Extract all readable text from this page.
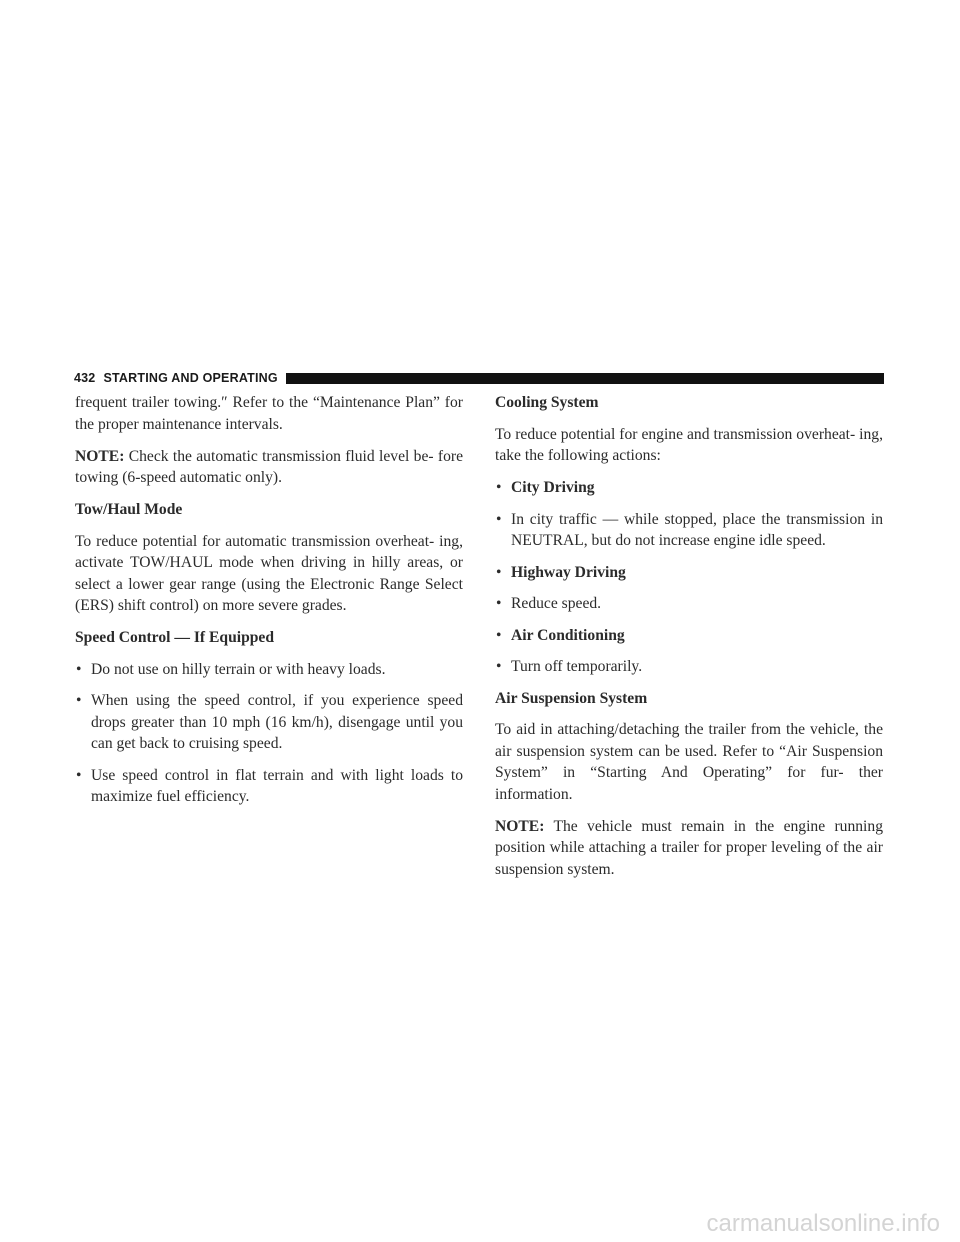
432 STARTING AND OPERATING

frequent trailer towing.″ Refer to the “Maintenance Plan” for the proper maintenance intervals.

NOTE: Check the automatic transmission fluid level be- fore towing (6-speed automatic only).

Tow/Haul Mode

To reduce potential for automatic transmission overheat- ing, activate TOW/HAUL mode when driving in hilly areas, or select a lower gear range (using the Electronic Range Select (ERS) shift control) on more severe grades.

Speed Control — If Equipped
• Do not use on hilly terrain or with heavy loads.
• When using the speed control, if you experience speed drops greater than 10 mph (16 km/h), disengage until you can get back to cruising speed.
• Use speed control in flat terrain and with light loads to maximize fuel efficiency.
Cooling System

To reduce potential for engine and transmission overheat- ing, take the following actions:

• City Driving
• In city traffic — while stopped, place the transmission in NEUTRAL, but do not increase engine idle speed.
• Highway Driving
• Reduce speed.
• Air Conditioning
• Turn off temporarily.
Air Suspension System

To aid in attaching/detaching the trailer from the vehicle, the air suspension system can be used. Refer to “Air Suspension System” in “Starting And Operating” for fur- ther information.

NOTE: The vehicle must remain in the engine running position while attaching a trailer for proper leveling of the air suspension system.

carmanualsonline.info
